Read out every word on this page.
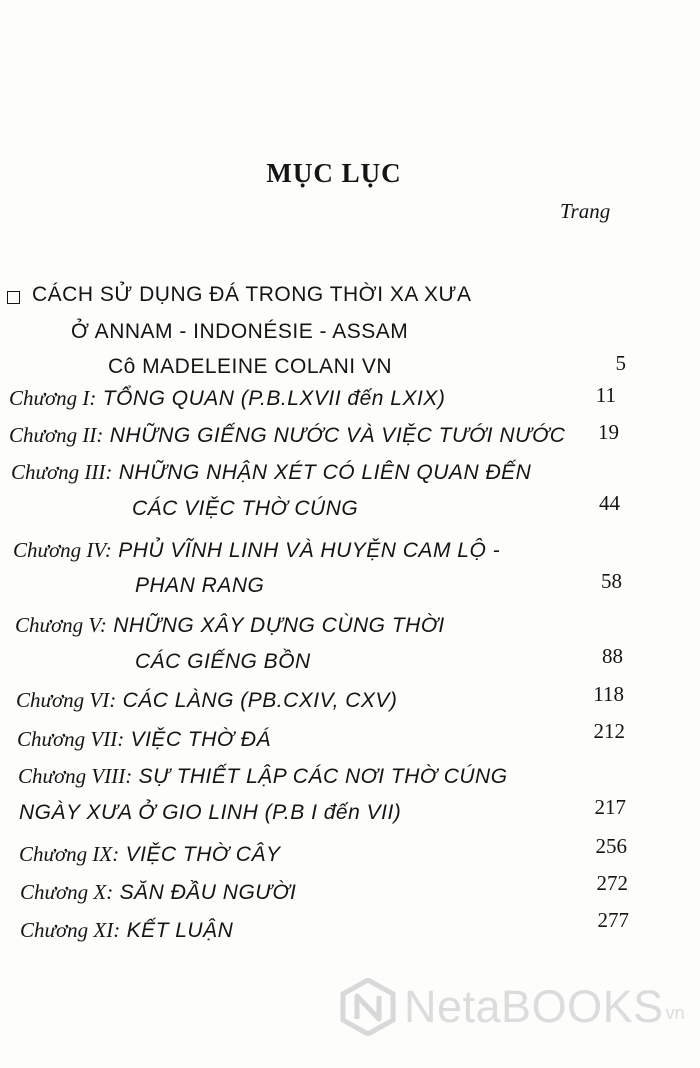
MỤC LỤC
Trang
CÁCH SỬ DỤNG ĐÁ TRONG THỜI XA XƯA
Ở ANNAM - INDONÉSIE - ASSAM
Cô MADELEINE COLANI VN	5
Chương I: TỔNG QUAN (P.B.LXVII đến LXIX)	11
Chương II: NHỮNG GIẾNG NƯỚC VÀ VIỆC TƯỚI NƯỚC	19
Chương III: NHỮNG NHẬN XÉT CÓ LIÊN QUAN ĐẾN
CÁC VIỆC THỜ CÚNG	44
Chương IV: PHỦ VĨNH LINH VÀ HUYỆN CAM LỘ -
PHAN RANG	58
Chương V: NHỮNG XÂY DỰNG CÙNG THỜI
CÁC GIẾNG BỒN	88
Chương VI: CÁC LÀNG (PB.CXIV, CXV)	118
Chương VII: VIỆC THỜ ĐÁ	212
Chương VIII: SỰ THIẾT LẬP CÁC NƠI THỜ CÚNG
NGÀY XƯA Ở GIO LINH (P.B I đến VII)	217
Chương IX: VIỆC THỜ CÂY	256
Chương X: SĂN ĐẦU NGƯỜI	272
Chương XI: KẾT LUẬN	277
NetaBOOKS vn
